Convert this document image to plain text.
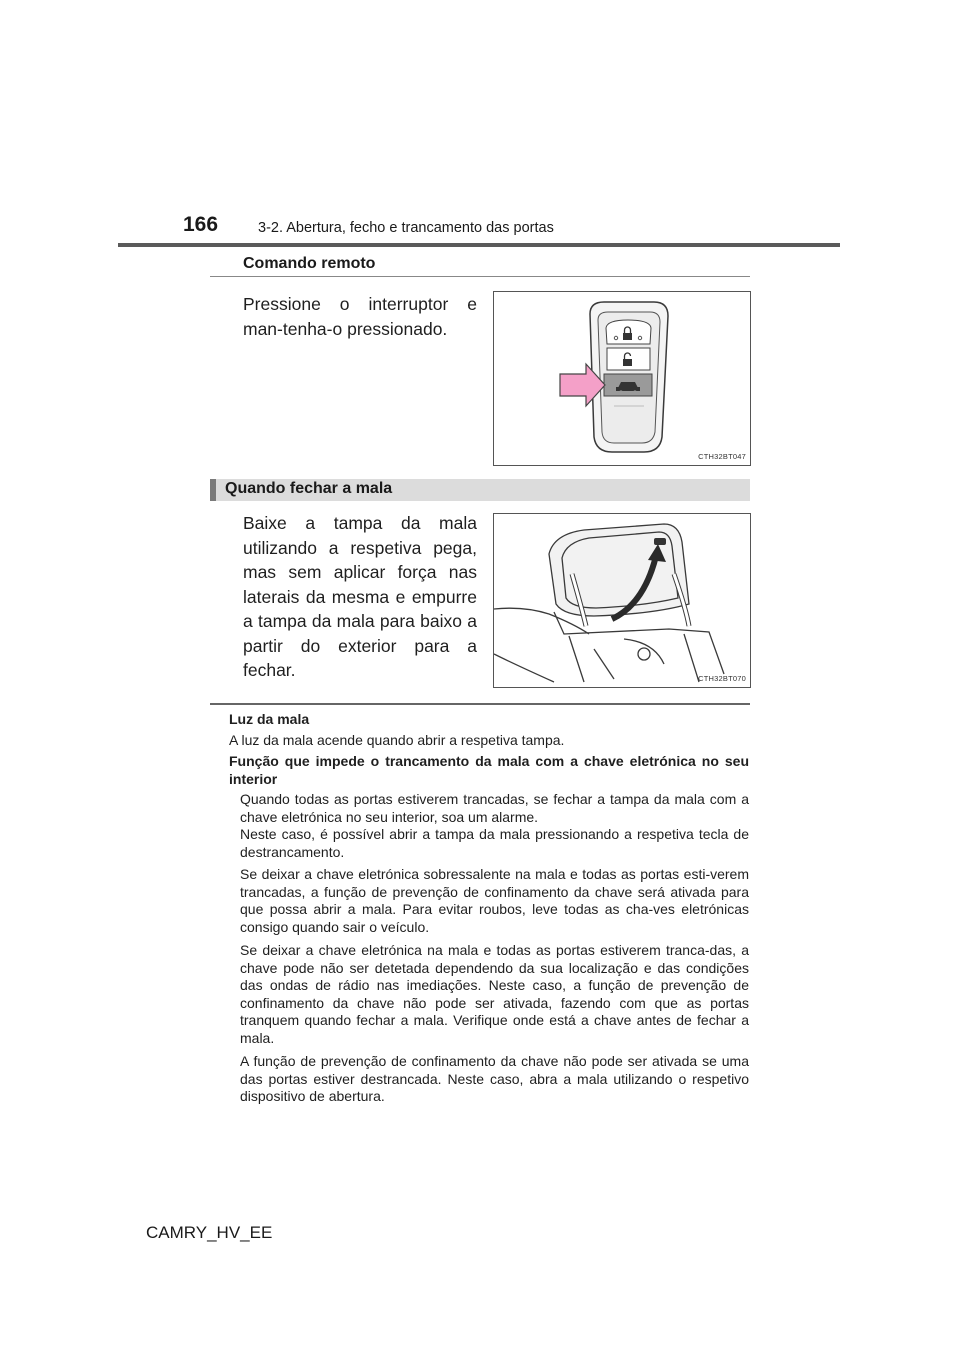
166	3-2. Abertura, fecho e trancamento das portas
Comando remoto
Pressione o interruptor e man-tenha-o pressionado.
CTH32BT047
Quando fechar a mala
Baixe a tampa da mala utilizando a respetiva pega, mas sem aplicar força nas laterais da mesma e empurre a tampa da mala para baixo a partir do exterior para a fechar.	CTH32BT070
Luz da mala
A luz da mala acende quando abrir a respetiva tampa.
Função que impede o trancamento da mala com a chave eletrónica no seu interior
Quando todas as portas estiverem trancadas, se fechar a tampa da mala com a chave eletrónica no seu interior, soa um alarme.
Neste caso, é possível abrir a tampa da mala pressionando a respetiva tecla de destrancamento.
Se deixar a chave eletrónica sobressalente na mala e todas as portas esti-verem trancadas, a função de prevenção de confinamento da chave será ativada para que possa abrir a mala. Para evitar roubos, leve todas as cha-ves eletrónicas consigo quando sair o veículo.
Se deixar a chave eletrónica na mala e todas as portas estiverem tranca-das, a chave pode não ser detetada dependendo da sua localização e das condições das ondas de rádio nas imediações. Neste caso, a função de prevenção de confinamento da chave não pode ser ativada, fazendo com que as portas tranquem quando fechar a mala. Verifique onde está a chave antes de fechar a mala.
A função de prevenção de confinamento da chave não pode ser ativada se uma das portas estiver destrancada. Neste caso, abra a mala utilizando o respetivo dispositivo de abertura.
CAMRY_HV_EE
